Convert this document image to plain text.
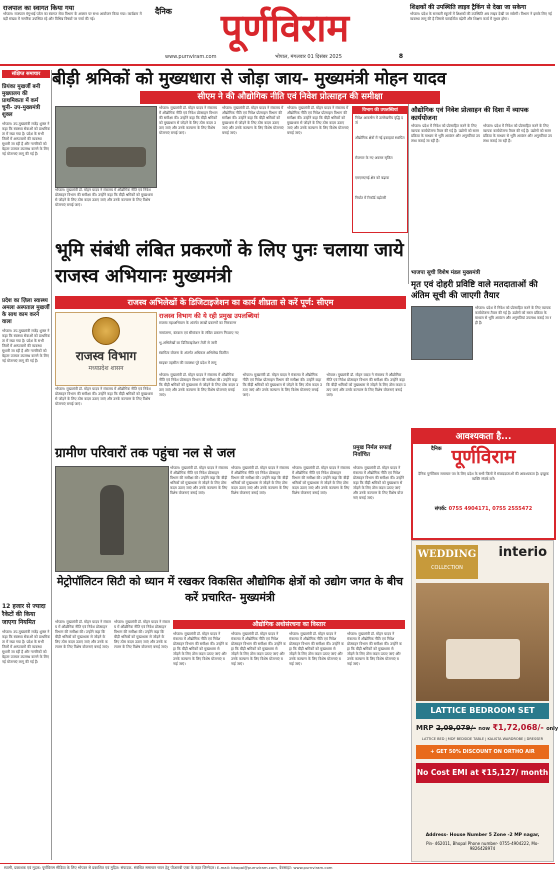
राजपाल का स्वागत किया गया
भोपाल। राजपाल मंगुभाई पटेल का स्वागत सेवा विभाग के अवसर पर सभा आयोजन किया गया। कार्यक्रम में बड़ी संख्या में नागरिक उपस्थित रहे और विभिन्न विषयों पर चर्चा की गई।
दैनिक	पूर्णविराम
www.purnviram.com	भोपाल, मंगलवार 01 दिसंबर 2025	8
शिक्षकों की उपस्थिति लाइव ट्रैकिंग से देखा जा सकेगा
भोपाल। प्रदेश के सरकारी स्कूलों में शिक्षकों की उपस्थिति अब लाइव देखी जा सकेगी। विभाग ने इसके लिए नई व्यवस्था लागू की है जिससे पारदर्शिता बढ़ेगी और शिक्षण कार्य में सुधार होगा।
बीड़ी श्रमिकों को मुख्यधारा से जोड़ा जाय- मुख्यमंत्री मोहन यादव
सीएम ने की औद्योगिक नीति एवं निवेश प्रोत्साहन की समीक्षा
संक्षिप्त समाचार
प्रियंका मुखर्जी बनी मुख्यालय की प्राथमिकता में कर्म चुनी- उप-मुख्यमंत्री शुक्ल
भोपाल। उप-मुख्यमंत्री राजेंद्र शुक्ल ने कहा कि स्वास्थ्य सेवाओं को प्राथमिकता में रखा गया है। प्रदेश के सभी जिलों में अस्पतालों की व्यवस्था सुधारी जा रही है और नागरिकों को बेहतर उपचार उपलब्ध कराने के लिए नई योजनाएं लागू की गई हैं।
प्रदेश का ज़िला स्वास्थ्य अमला अस्पताल मुखर्जी के साथ काम करने वाला
भोपाल। उप-मुख्यमंत्री राजेंद्र शुक्ल ने कहा कि स्वास्थ्य सेवाओं को प्राथमिकता में रखा गया है। प्रदेश के सभी जिलों में अस्पतालों की व्यवस्था सुधारी जा रही है और नागरिकों को बेहतर उपचार उपलब्ध कराने के लिए नई योजनाएं लागू की गई हैं।
12 हजार से ज्यादा रैकेटों की किया जाएगा नियमित
भोपाल। उप-मुख्यमंत्री राजेंद्र शुक्ल ने कहा कि स्वास्थ्य सेवाओं को प्राथमिकता में रखा गया है। प्रदेश के सभी जिलों में अस्पतालों की व्यवस्था सुधारी जा रही है और नागरिकों को बेहतर उपचार उपलब्ध कराने के लिए नई योजनाएं लागू की गई हैं।
भोपाल। मुख्यमंत्री डॉ. मोहन यादव ने मंत्रालय में औद्योगिक नीति एवं निवेश प्रोत्साहन विभाग की समीक्षा की। उन्होंने कहा कि बीड़ी श्रमिकों को मुख्यधारा से जोड़ने के लिए ठोस कदम उठाए जाएं और उनके कल्याण के लिए विशेष योजनाएं बनाई जाएं।
भोपाल। मुख्यमंत्री डॉ. मोहन यादव ने मंत्रालय में औद्योगिक नीति एवं निवेश प्रोत्साहन विभाग की समीक्षा की। उन्होंने कहा कि बीड़ी श्रमिकों को मुख्यधारा से जोड़ने के लिए ठोस कदम उठाए जाएं और उनके कल्याण के लिए विशेष योजनाएं बनाई जाएं।
भोपाल। मुख्यमंत्री डॉ. मोहन यादव ने मंत्रालय में औद्योगिक नीति एवं निवेश प्रोत्साहन विभाग की समीक्षा की। उन्होंने कहा कि बीड़ी श्रमिकों को मुख्यधारा से जोड़ने के लिए ठोस कदम उठाए जाएं और उनके कल्याण के लिए विशेष योजनाएं बनाई जाएं।
भोपाल। मुख्यमंत्री डॉ. मोहन यादव ने मंत्रालय में औद्योगिक नीति एवं निवेश प्रोत्साहन विभाग की समीक्षा की। उन्होंने कहा कि बीड़ी श्रमिकों को मुख्यधारा से जोड़ने के लिए ठोस कदम उठाए जाएं और उनके कल्याण के लिए विशेष योजनाएं बनाई जाएं।
विभाग की उपलब्धियां
निवेश आकर्षण में उल्लेखनीय वृद्धि दर्ज
औद्योगिक क्षेत्रों में नई इकाइयां स्थापित
रोजगार के नए अवसर सृजित
एमएसएमई क्षेत्र को बढ़ावा
निर्यात में रिकॉर्ड बढ़ोतरी
औद्योगिक एवं निवेश प्रोत्साहन की दिशा में व्यापक कार्ययोजना
भोपाल। प्रदेश में निवेश को प्रोत्साहित करने के लिए व्यापक कार्ययोजना तैयार की गई है। उद्योगों को सरल प्रक्रिया के माध्यम से भूमि आवंटन और अनुमतियां उपलब्ध कराई जा रही हैं।
भोपाल। प्रदेश में निवेश को प्रोत्साहित करने के लिए व्यापक कार्ययोजना तैयार की गई है। उद्योगों को सरल प्रक्रिया के माध्यम से भूमि आवंटन और अनुमतियां उपलब्ध कराई जा रही हैं।
भूमि संबंधी लंबित प्रकरणों के लिए पुनः चलाया जाये राजस्व अभियानः मुख्यमंत्री
राजस्व अभिलेखों के डिजिटाइजेशन का कार्य शीघ्रता से करें पूर्ण: सीएम
भाजपा सूची विशेष मंडल मुख्यमंत्री
मृत एवं दोहरी प्रविष्टि वाले मतदाताओं की अंतिम सूची की जाएगी तैयार
भोपाल। प्रदेश में निवेश को प्रोत्साहित करने के लिए व्यापक कार्ययोजना तैयार की गई है। उद्योगों को सरल प्रक्रिया के माध्यम से भूमि आवंटन और अनुमतियां उपलब्ध कराई जा रही हैं।
राजस्व विभाग
मध्यप्रदेश शासन
भोपाल। मुख्यमंत्री डॉ. मोहन यादव ने मंत्रालय में औद्योगिक नीति एवं निवेश प्रोत्साहन विभाग की समीक्षा की। उन्होंने कहा कि बीड़ी श्रमिकों को मुख्यधारा से जोड़ने के लिए ठोस कदम उठाए जाएं और उनके कल्याण के लिए विशेष योजनाएं बनाई जाएं।
राजस्व विभाग की ये रही प्रमुख उपलब्धियां
राजस्व महाअभियान के अंतर्गत लाखों प्रकरणों का निराकरण
नामांतरण, बंटवारा एवं सीमांकन के लंबित प्रकरण निपटाए गए
भू-अभिलेखों का डिजिटाइजेशन तेजी से जारी
स्वामित्व योजना के अंतर्गत अधिकार अभिलेख वितरित
साइबर तहसील की व्यवस्था पूरे प्रदेश में लागू
भोपाल। मुख्यमंत्री डॉ. मोहन यादव ने मंत्रालय में औद्योगिक नीति एवं निवेश प्रोत्साहन विभाग की समीक्षा की। उन्होंने कहा कि बीड़ी श्रमिकों को मुख्यधारा से जोड़ने के लिए ठोस कदम उठाए जाएं और उनके कल्याण के लिए विशेष योजनाएं बनाई जाएं।
भोपाल। मुख्यमंत्री डॉ. मोहन यादव ने मंत्रालय में औद्योगिक नीति एवं निवेश प्रोत्साहन विभाग की समीक्षा की। उन्होंने कहा कि बीड़ी श्रमिकों को मुख्यधारा से जोड़ने के लिए ठोस कदम उठाए जाएं और उनके कल्याण के लिए विशेष योजनाएं बनाई जाएं।
भोपाल। मुख्यमंत्री डॉ. मोहन यादव ने मंत्रालय में औद्योगिक नीति एवं निवेश प्रोत्साहन विभाग की समीक्षा की। उन्होंने कहा कि बीड़ी श्रमिकों को मुख्यधारा से जोड़ने के लिए ठोस कदम उठाए जाएं और उनके कल्याण के लिए विशेष योजनाएं बनाई जाएं।
आवश्यकता है...
दैनिक पूर्णविराम
दैनिक पूर्णविराम समाचार पत्र के लिए प्रदेश के सभी जिलों में संवाददाताओं की आवश्यकता है। इच्छुक व्यक्ति संपर्क करें।
संपर्क: 0755 4904171, 0755 2555472
ग्रामीण परिवारों तक पहुंचा नल से जल	प्रमुख निर्मल सफाई निर्वाचित
भोपाल। मुख्यमंत्री डॉ. मोहन यादव ने मंत्रालय में औद्योगिक नीति एवं निवेश प्रोत्साहन विभाग की समीक्षा की। उन्होंने कहा कि बीड़ी श्रमिकों को मुख्यधारा से जोड़ने के लिए ठोस कदम उठाए जाएं और उनके कल्याण के लिए विशेष योजनाएं बनाई जाएं।
भोपाल। मुख्यमंत्री डॉ. मोहन यादव ने मंत्रालय में औद्योगिक नीति एवं निवेश प्रोत्साहन विभाग की समीक्षा की। उन्होंने कहा कि बीड़ी श्रमिकों को मुख्यधारा से जोड़ने के लिए ठोस कदम उठाए जाएं और उनके कल्याण के लिए विशेष योजनाएं बनाई जाएं।
भोपाल। मुख्यमंत्री डॉ. मोहन यादव ने मंत्रालय में औद्योगिक नीति एवं निवेश प्रोत्साहन विभाग की समीक्षा की। उन्होंने कहा कि बीड़ी श्रमिकों को मुख्यधारा से जोड़ने के लिए ठोस कदम उठाए जाएं और उनके कल्याण के लिए विशेष योजनाएं बनाई जाएं।
भोपाल। मुख्यमंत्री डॉ. मोहन यादव ने मंत्रालय में औद्योगिक नीति एवं निवेश प्रोत्साहन विभाग की समीक्षा की। उन्होंने कहा कि बीड़ी श्रमिकों को मुख्यधारा से जोड़ने के लिए ठोस कदम उठाए जाएं और उनके कल्याण के लिए विशेष योजनाएं बनाई जाएं।
मेट्रोपॉलिटन सिटी को ध्यान में रखकर विकसित औद्योगिक क्षेत्रों को उद्योग जगत के बीच करें प्रचारित- मुख्यमंत्री
भोपाल। मुख्यमंत्री डॉ. मोहन यादव ने मंत्रालय में औद्योगिक नीति एवं निवेश प्रोत्साहन विभाग की समीक्षा की। उन्होंने कहा कि बीड़ी श्रमिकों को मुख्यधारा से जोड़ने के लिए ठोस कदम उठाए जाएं और उनके कल्याण के लिए विशेष योजनाएं बनाई जाएं।
भोपाल। मुख्यमंत्री डॉ. मोहन यादव ने मंत्रालय में औद्योगिक नीति एवं निवेश प्रोत्साहन विभाग की समीक्षा की। उन्होंने कहा कि बीड़ी श्रमिकों को मुख्यधारा से जोड़ने के लिए ठोस कदम उठाए जाएं और उनके कल्याण के लिए विशेष योजनाएं बनाई जाएं।
औद्योगिक अधोसंरचना का विस्तार
भोपाल। मुख्यमंत्री डॉ. मोहन यादव ने मंत्रालय में औद्योगिक नीति एवं निवेश प्रोत्साहन विभाग की समीक्षा की। उन्होंने कहा कि बीड़ी श्रमिकों को मुख्यधारा से जोड़ने के लिए ठोस कदम उठाए जाएं और उनके कल्याण के लिए विशेष योजनाएं बनाई जाएं।
भोपाल। मुख्यमंत्री डॉ. मोहन यादव ने मंत्रालय में औद्योगिक नीति एवं निवेश प्रोत्साहन विभाग की समीक्षा की। उन्होंने कहा कि बीड़ी श्रमिकों को मुख्यधारा से जोड़ने के लिए ठोस कदम उठाए जाएं और उनके कल्याण के लिए विशेष योजनाएं बनाई जाएं।
भोपाल। मुख्यमंत्री डॉ. मोहन यादव ने मंत्रालय में औद्योगिक नीति एवं निवेश प्रोत्साहन विभाग की समीक्षा की। उन्होंने कहा कि बीड़ी श्रमिकों को मुख्यधारा से जोड़ने के लिए ठोस कदम उठाए जाएं और उनके कल्याण के लिए विशेष योजनाएं बनाई जाएं।
भोपाल। मुख्यमंत्री डॉ. मोहन यादव ने मंत्रालय में औद्योगिक नीति एवं निवेश प्रोत्साहन विभाग की समीक्षा की। उन्होंने कहा कि बीड़ी श्रमिकों को मुख्यधारा से जोड़ने के लिए ठोस कदम उठाए जाएं और उनके कल्याण के लिए विशेष योजनाएं बनाई जाएं।
interio
WEDDING
COLLECTION
LATTICE BEDROOM SET
MRP 2,09,079/- now ₹1,72,068/- only
LATTICE BED | MDF BEDSIDE TABLE | KALISTA WARDROBE | DRESSER
+ GET 50% DISCOUNT ON ORTHO AIR
No Cost EMI at ₹15,127/ month
Address- House Number 5 Zone -2 MP nagar,
Pin- 462011, Bhopal Phone number- 0755-4904222, Mo- 9826428974
स्वामी, प्रकाशक एवं मुद्रक: पूर्णविराम मीडिया के लिए भोपाल से प्रकाशित एवं मुद्रित। संपादक- संबंधित समाचार चयन हेतु पीआरबी एक्ट के तहत जिम्मेदार। E-mail: bhopal@purnviram.com, वेबसाइट: www.purnviram.com
